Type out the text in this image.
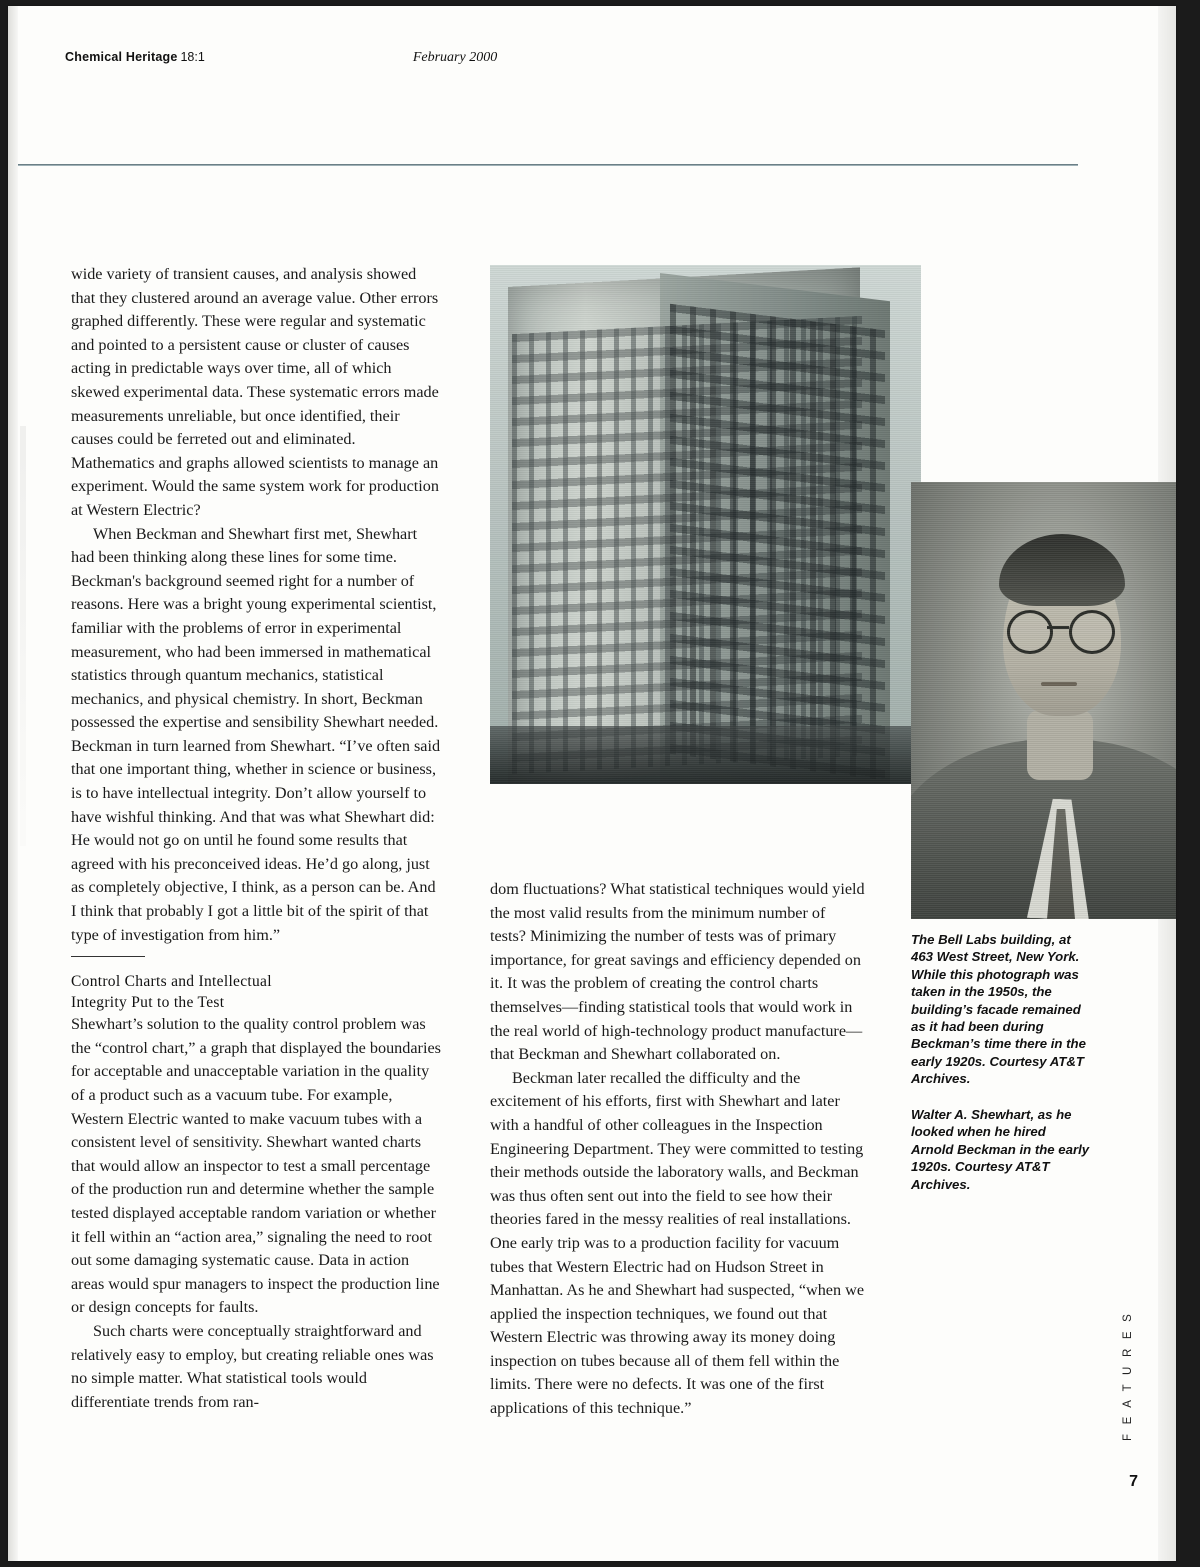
Chemical Heritage 18:1	February 2000

wide variety of transient causes, and analysis showed that they clustered around an average value. Other errors graphed differently. These were regular and systematic and pointed to a persistent cause or cluster of causes acting in predictable ways over time, all of which skewed experimental data. These systematic errors made measurements unreliable, but once identified, their causes could be ferreted out and eliminated. Mathematics and graphs allowed scientists to manage an experiment. Would the same system work for production at Western Electric?

When Beckman and Shewhart first met, Shewhart had been thinking along these lines for some time. Beckman's background seemed right for a number of reasons. Here was a bright young experimental scientist, familiar with the problems of error in experimental measurement, who had been immersed in mathematical statistics through quantum mechanics, statistical mechanics, and physical chemistry. In short, Beckman possessed the expertise and sensibility Shewhart needed. Beckman in turn learned from Shewhart. “I’ve often said that one important thing, whether in science or business, is to have intellectual integrity. Don’t allow yourself to have wishful thinking. And that was what Shewhart did: He would not go on until he found some results that agreed with his preconceived ideas. He’d go along, just as completely objective, I think, as a person can be. And I think that probably I got a little bit of the spirit of that type of investigation from him.”

Control Charts and Intellectual
Integrity Put to the Test

Shewhart’s solution to the quality control problem was the “control chart,” a graph that displayed the boundaries for acceptable and unacceptable variation in the quality of a product such as a vacuum tube. For example, Western Electric wanted to make vacuum tubes with a consistent level of sensitivity. Shewhart wanted charts that would allow an inspector to test a small percentage of the production run and determine whether the sample tested displayed acceptable random variation or whether it fell within an “action area,” signaling the need to root out some damaging systematic cause. Data in action areas would spur managers to inspect the production line or design concepts for faults.

Such charts were conceptually straightforward and relatively easy to employ, but creating reliable ones was no simple matter. What statistical tools would differentiate trends from ran-

dom fluctuations? What statistical techniques would yield the most valid results from the minimum number of tests? Minimizing the number of tests was of primary importance, for great savings and efficiency depended on it. It was the problem of creating the control charts themselves—finding statistical tools that would work in the real world of high-technology product manufacture—that Beckman and Shewhart collaborated on.

Beckman later recalled the difficulty and the excitement of his efforts, first with Shewhart and later with a handful of other colleagues in the Inspection Engineering Department. They were committed to testing their methods outside the laboratory walls, and Beckman was thus often sent out into the field to see how their theories fared in the messy realities of real installations. One early trip was to a production facility for vacuum tubes that Western Electric had on Hudson Street in Manhattan. As he and Shewhart had suspected, “when we applied the inspection techniques, we found out that Western Electric was throwing away its money doing inspection on tubes because all of them fell within the limits. There were no defects. It was one of the first applications of this technique.”

The Bell Labs building, at 463 West Street, New York. While this photograph was taken in the 1950s, the building’s facade remained as it had been during Beckman’s time there in the early 1920s. Courtesy AT&T Archives.
Walter A. Shewhart, as he looked when he hired Arnold Beckman in the early 1920s. Courtesy AT&T Archives.
F E A T U R E S
7
